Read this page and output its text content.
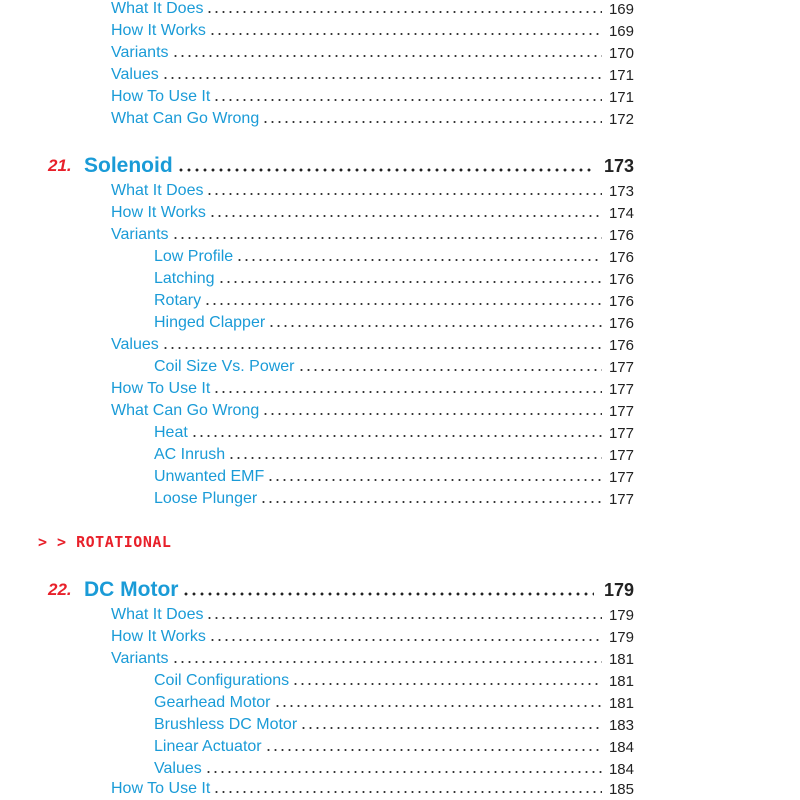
What It Does	169
How It Works	169
Variants	170
Values	171
How To Use It	171
What Can Go Wrong	172
21. Solenoid	173
What It Does	173
How It Works	174
Variants	176
Low Profile	176
Latching	176
Rotary	176
Hinged Clapper	176
Values	176
Coil Size Vs. Power	177
How To Use It	177
What Can Go Wrong	177
Heat	177
AC Inrush	177
Unwanted EMF	177
Loose Plunger	177
> > ROTATIONAL
22. DC Motor	179
What It Does	179
How It Works	179
Variants	181
Coil Configurations	181
Gearhead Motor	181
Brushless DC Motor	183
Linear Actuator	184
Values	184
How To Use It	185
